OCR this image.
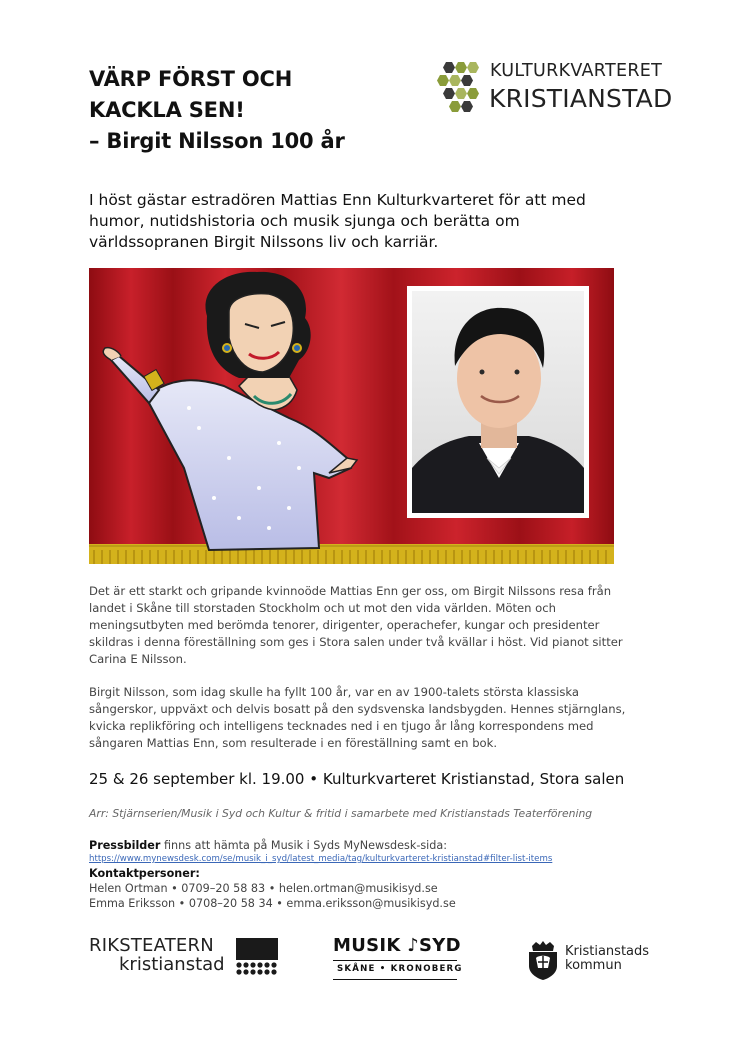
VÄRP FÖRST OCH
KACKLA SEN!
– Birgit Nilsson 100 år
KULTURKVARTERET
KRISTIANSTAD
I höst gästar estradören Mattias Enn Kulturkvarteret för att med
humor, nutidshistoria och musik sjunga och berätta om
världssopranen Birgit Nilssons liv och karriär.
Det är ett starkt och gripande kvinnoöde Mattias Enn ger oss, om Birgit Nilssons resa från
landet i Skåne till storstaden Stockholm och ut mot den vida världen. Möten och
meningsutbyten med berömda tenorer, dirigenter, operachefer, kungar och presidenter
skildras i denna föreställning som ges i Stora salen under två kvällar i höst. Vid pianot sitter
Carina E Nilsson.
Birgit Nilsson, som idag skulle ha fyllt 100 år, var en av 1900-talets största klassiska
sångerskor, uppväxt och delvis bosatt på den sydsvenska landsbygden. Hennes stjärnglans,
kvicka replikföring och intelligens tecknades ned i en tjugo år lång korrespondens med
sångaren Mattias Enn, som resulterade i en föreställning samt en bok.
25 & 26 september kl. 19.00 • Kulturkvarteret Kristianstad, Stora salen
Arr: Stjärnserien/Musik i Syd och Kultur & fritid i samarbete med Kristianstads Teaterförening
Pressbilder finns att hämta på Musik i Syds MyNewsdesk-sida:
https://www.mynewsdesk.com/se/musik_i_syd/latest_media/tag/kulturkvarteret-kristianstad#filter-list-items
Kontaktpersoner:
Helen Ortman • 0709–20 58 83 • helen.ortman@musikisyd.se
Emma Eriksson • 0708–20 58 34 • emma.eriksson@musikisyd.se
RIKSTEATERN
kristianstad
MUSIK ♪SYD
SKÅNE • KRONOBERG
Kristianstads
kommun
